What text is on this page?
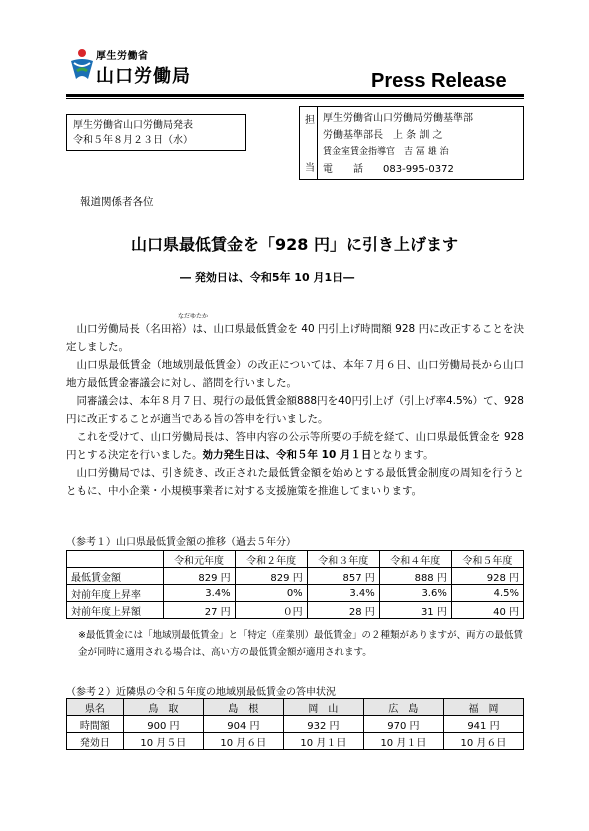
厚生労働省
山口労働局	Press Release
厚生労働省山口労働局発表
令和５年８月２３日（水）
担
当
厚生労働省山口労働局労働基準部
労働基準部長　上 条 訓 之
賃金室賃金指導官　吉 冨 雄 治
電　　話　　083-995-0372
報道関係者各位
山口県最低賃金を「928 円」に引き上げます
― 発効日は、令和5年 10 月1日―
なだゆたか

山口労働局長（名田裕）は、山口県最低賃金を 40 円引上げ時間額 928 円に改正することを決定しました。

山口県最低賃金（地域別最低賃金）の改正については、本年７月６日、山口労働局長から山口地方最低賃金審議会に対し、諮問を行いました。

同審議会は、本年８月７日、現行の最低賃金額888円を40円引上げ（引上げ率4.5%）て、928 円に改正することが適当である旨の答申を行いました。

これを受けて、山口労働局長は、答申内容の公示等所要の手続を経て、山口県最低賃金を 928 円とする決定を行いました。効力発生日は、令和５年 10 月１日となります。

山口労働局では、引き続き、改正された最低賃金額を始めとする最低賃金制度の周知を行うとともに、中小企業・小規模事業者に対する支援施策を推進してまいります。

（参考１）山口県最低賃金額の推移（過去５年分）
	令和元年度	令和２年度	令和３年度	令和４年度	令和５年度
最低賃金額	829 円	829 円	857 円	888 円	928 円
対前年度上昇率	3.4%	0%	3.4%	3.6%	4.5%
対前年度上昇額	27 円	０円	28 円	31 円	40 円
※最低賃金には「地域別最低賃金」と「特定（産業別）最低賃金」の２種類がありますが、両方の最低賃金が同時に適用される場合は、高い方の最低賃金額が適用されます。
（参考２）近隣県の令和５年度の地域別最低賃金の答申状況
県名	鳥　取	島　根	岡　山	広　島	福　岡
時間額	900 円	904 円	932 円	970 円	941 円
発効日	10 月５日	10 月６日	10 月１日	10 月１日	10 月６日
